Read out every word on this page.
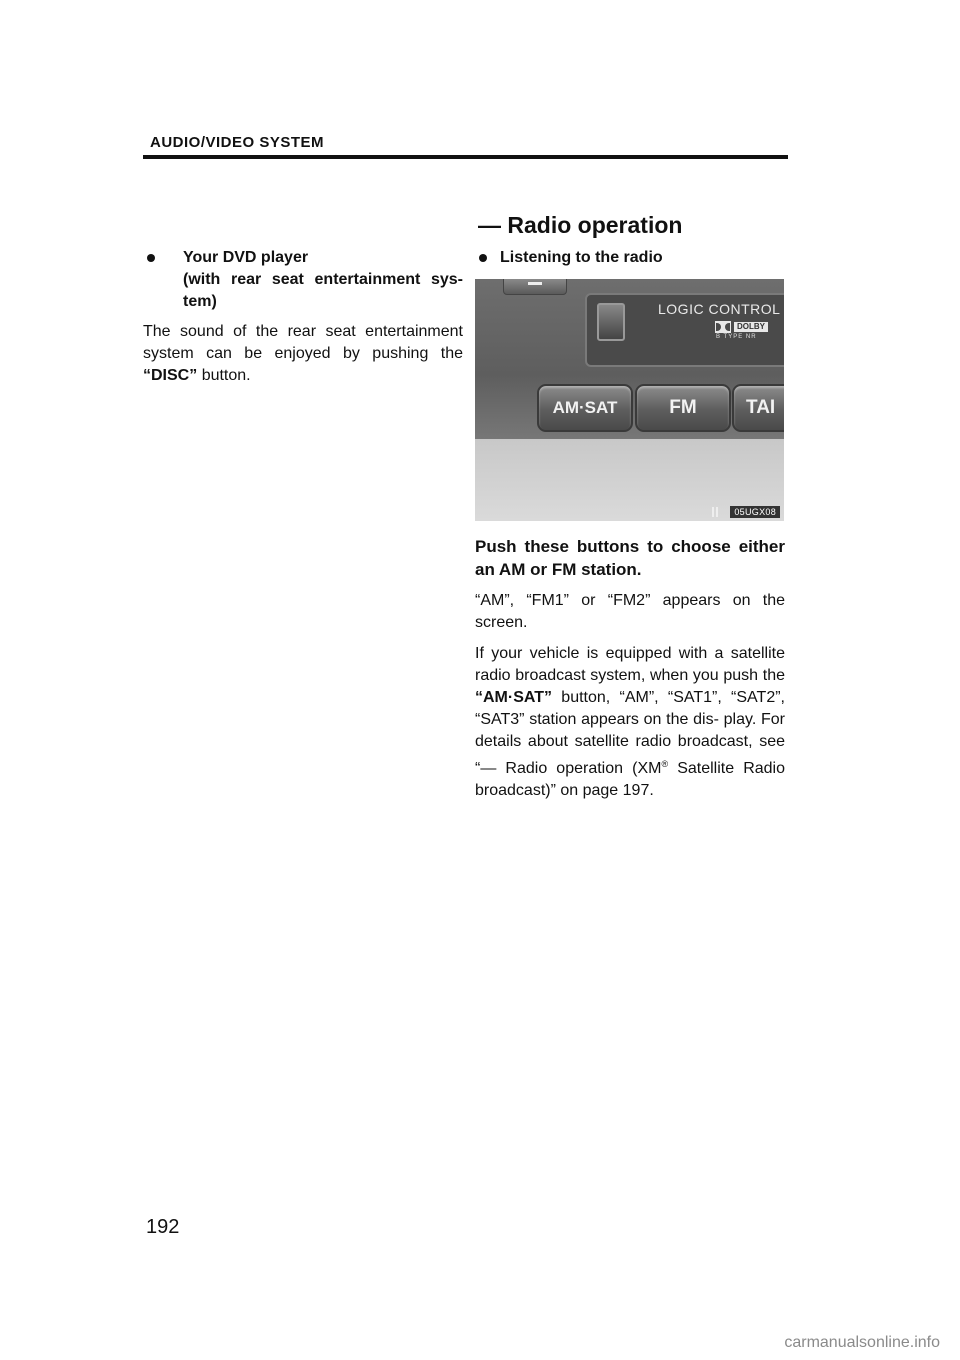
AUDIO/VIDEO SYSTEM
— Radio operation
Your DVD player
(with rear seat entertainment sys-
tem)

The sound of the rear seat entertainment system can be enjoyed by pushing the “DISC” button.

Listening to the radio
LOGIC CONTROL
DOLBY
B TYPE NR
AM·SAT	FM	TAI
05UGX08

Push these buttons to choose either an AM or FM station.

“AM”, “FM1” or “FM2” appears on the screen.

If your vehicle is equipped with a satellite radio broadcast system, when you push the “AM·SAT” button, “AM”, “SAT1”, “SAT2”, “SAT3” station appears on the dis- play. For details about satellite radio broadcast, see “— Radio operation (XM® Satellite Radio broadcast)” on page 197.

192
carmanualsonline.info
